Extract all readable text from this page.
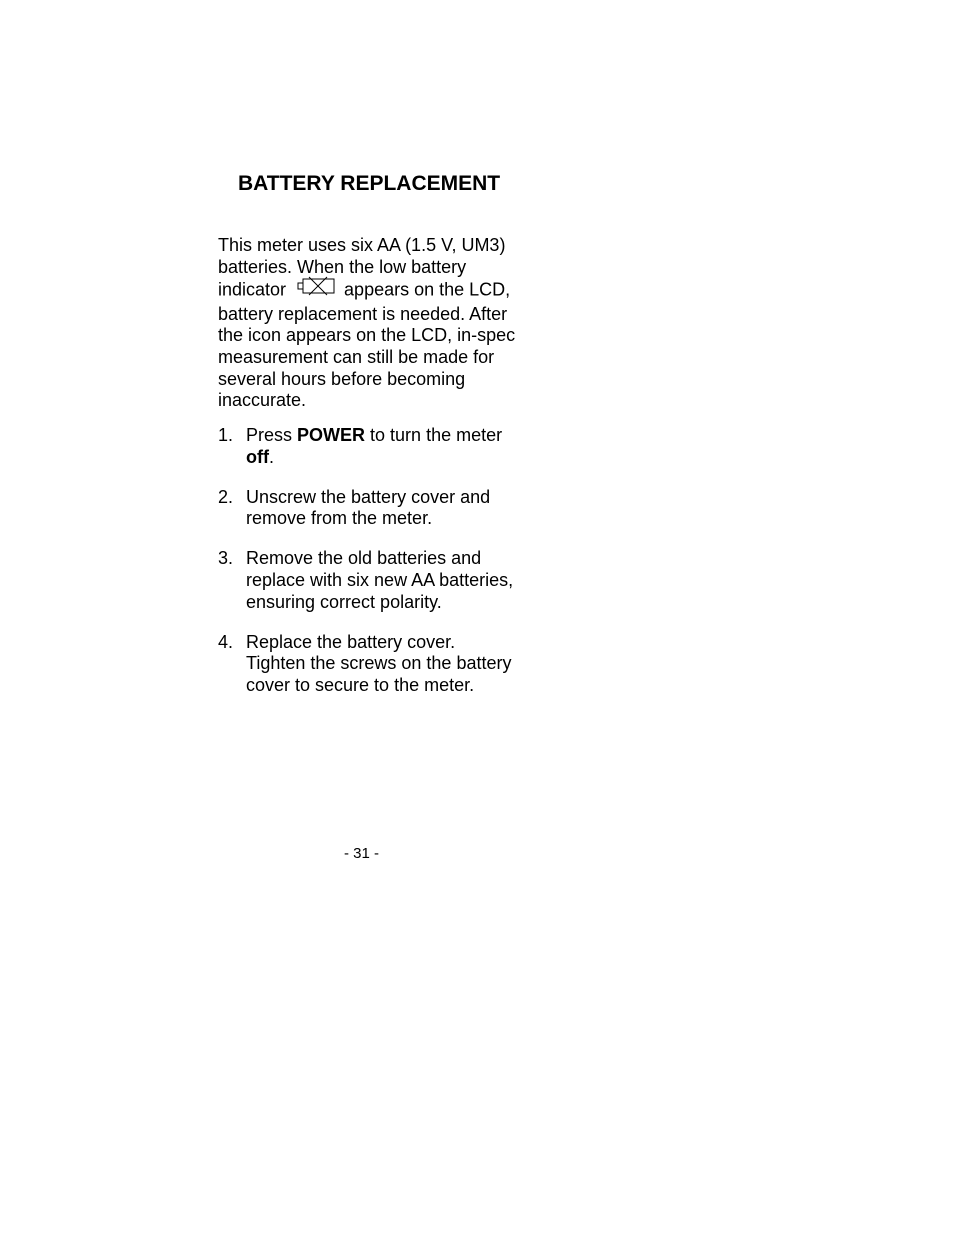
BATTERY REPLACEMENT

This meter uses six AA (1.5 V, UM3)
batteries. When the low battery
indicator	appears on the LCD,
battery replacement is needed. After
the icon appears on the LCD, in-spec
measurement can still be made for
several hours before becoming
inaccurate.

1. Press POWER to turn the meter
off.
2. Unscrew the battery cover and
remove from the meter.
3. Remove the old batteries and
replace with six new AA batteries,
ensuring correct polarity.
4. Replace the battery cover.
Tighten the screws on the battery
cover to secure to the meter.
- 31 -
